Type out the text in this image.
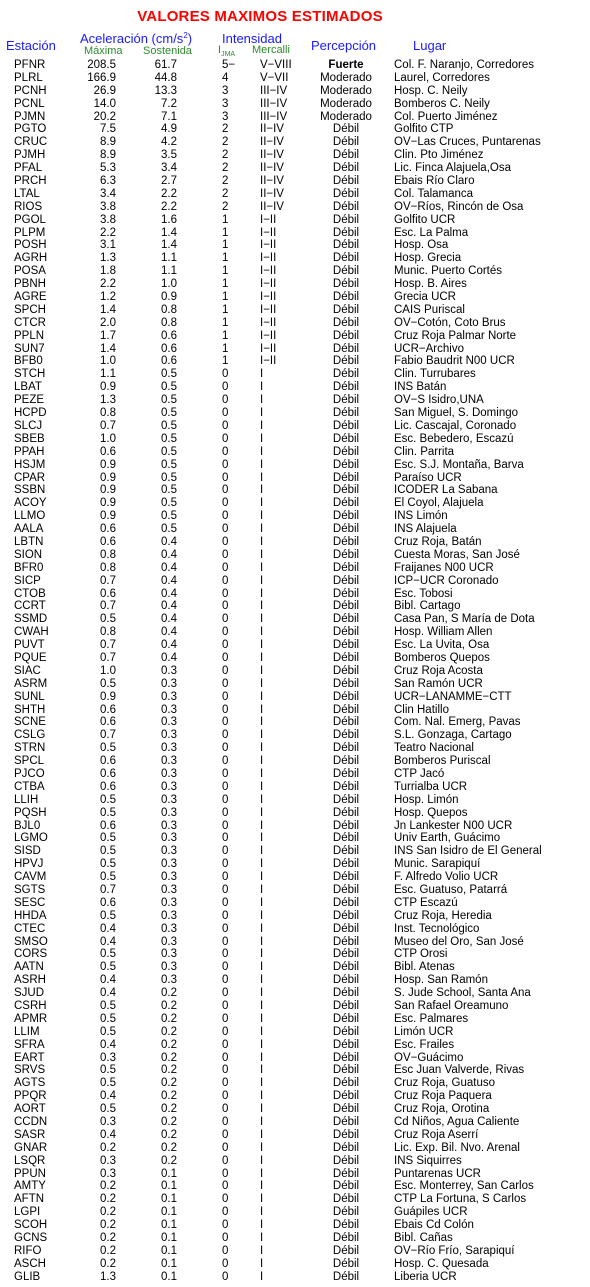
VALORES MAXIMOS ESTIMADOS
Estación Aceleración $(cm/s^2)$
Máxima Sostenida
Intensidad
$I_{JMA}$ Mercalli Percepción	Lugar
PFNR	208.5	61.7	5− V−VIII	Fuerte	Col. F. Naranjo, Corredores
PLRL	166.9	44.8	4	V−VII	Moderado	Laurel, Corredores
PCNH	26.9	13.3	3	III−IV	Moderado	Hosp. C. Neily
PCNL	14.0	7.2	3	III−IV	Moderado	Bomberos C. Neily
PJMN	20.2	7.1	3	III−IV	Moderado	Col. Puerto Jiménez
PGTO	7.5	4.9	2	II−IV	Débil	Golfito CTP
CRUC	8.9	4.2	2	II−IV	Débil	OV−Las Cruces, Puntarenas
PJMH	8.9	3.5	2	II−IV	Débil	Clin. Pto Jiménez
PFAL	5.3	3.4	2	II−IV	Débil	Lic. Finca Alajuela,Osa
PRCH	6.3	2.7	2	II−IV	Débil	Ebais Río Claro
LTAL	3.4	2.2	2	II−IV	Débil	Col. Talamanca
RIOS	3.8	2.2	2	II−IV	Débil	OV−Ríos, Rincón de Osa
PGOL	3.8	1.6	1	I−II	Débil	Golfito UCR
PLPM	2.2	1.4	1	I−II	Débil	Esc. La Palma
POSH	3.1	1.4	1	I−II	Débil	Hosp. Osa
AGRH	1.3	1.1	1	I−II	Débil	Hosp. Grecia
POSA	1.8	1.1	1	I−II	Débil	Munic. Puerto Cortés
PBNH	2.2	1.0	1	I−II	Débil	Hosp. B. Aires
AGRE	1.2	0.9	1	I−II	Débil	Grecia UCR
SPCH	1.4	0.8	1	I−II	Débil	CAIS Puriscal
CTCR	2.0	0.8	1	I−II	Débil	OV−Cotón, Coto Brus
PPLN	1.7	0.6	1	I−II	Débil	Cruz Roja Palmar Norte
SUN7	1.4	0.6	1	I−II	Débil	UCR−Archivo
BFB0	1.0	0.6	1	I−II	Débil	Fabio Baudrit N00 UCR
STCH	1.1	0.5	0	I	Débil	Clin. Turrubares
LBAT	0.9	0.5	0	I	Débil	INS Batán
PEZE	1.3	0.5	0	I	Débil	OV−S Isidro,UNA
HCPD	0.8	0.5	0	I	Débil	San Miguel, S. Domingo
SLCJ	0.7	0.5	0	I	Débil	Lic. Cascajal, Coronado
SBEB	1.0	0.5	0	I	Débil	Esc. Bebedero, Escazú
PPAH	0.6	0.5	0	I	Débil	Clin. Parrita
HSJM	0.9	0.5	0	I	Débil	Esc. S.J. Montaña, Barva
CPAR	0.9	0.5	0	I	Débil	Paraíso UCR
SSBN	0.9	0.5	0	I	Débil	ICODER La Sabana
ACOY	0.9	0.5	0	I	Débil	El Coyol, Alajuela
LLMO	0.9	0.5	0	I	Débil	INS Limón
AALA	0.6	0.5	0	I	Débil	INS Alajuela
LBTN	0.6	0.4	0	I	Débil	Cruz Roja, Batán
SION	0.8	0.4	0	I	Débil	Cuesta Moras, San José
BFR0	0.8	0.4	0	I	Débil	Fraijanes N00 UCR
SICP	0.7	0.4	0	I	Débil	ICP−UCR Coronado
CTOB	0.6	0.4	0	I	Débil	Esc. Tobosi
CCRT	0.7	0.4	0	I	Débil	Bibl. Cartago
SSMD	0.5	0.4	0	I	Débil	Casa Pan, S María de Dota
CWAH	0.8	0.4	0	I	Débil	Hosp. William Allen
PUVT	0.7	0.4	0	I	Débil	Esc. La Uvita, Osa
PQUE	0.7	0.4	0	I	Débil	Bomberos Quepos
SIAC	1.0	0.3	0	I	Débil	Cruz Roja Acosta
ASRM	0.5	0.3	0	I	Débil	San Ramón UCR
SUNL	0.9	0.3	0	I	Débil	UCR−LANAMME−CTT
SHTH	0.6	0.3	0	I	Débil	Clin Hatillo
SCNE	0.6	0.3	0	I	Débil	Com. Nal. Emerg, Pavas
CSLG	0.7	0.3	0	I	Débil	S.L. Gonzaga, Cartago
STRN	0.5	0.3	0	I	Débil	Teatro Nacional
SPCL	0.6	0.3	0	I	Débil	Bomberos Puriscal
PJCO	0.6	0.3	0	I	Débil	CTP Jacó
CTBA	0.6	0.3	0	I	Débil	Turrialba UCR
LLIH	0.5	0.3	0	I	Débil	Hosp. Limón
PQSH	0.5	0.3	0	I	Débil	Hosp. Quepos
BJL0	0.6	0.3	0	I	Débil	Jn Lankester N00 UCR
LGMO	0.5	0.3	0	I	Débil	Univ Earth, Guácimo
SISD	0.5	0.3	0	I	Débil	INS San Isidro de El General
HPVJ	0.5	0.3	0	I	Débil	Munic. Sarapiquí
CAVM	0.5	0.3	0	I	Débil	F. Alfredo Volio UCR
SGTS	0.7	0.3	0	I	Débil	Esc. Guatuso, Patarrá
SESC	0.6	0.3	0	I	Débil	CTP Escazú
HHDA	0.5	0.3	0	I	Débil	Cruz Roja, Heredia
CTEC	0.4	0.3	0	I	Débil	Inst. Tecnológico
SMSO	0.4	0.3	0	I	Débil	Museo del Oro, San José
CORS	0.5	0.3	0	I	Débil	CTP Orosi
AATN	0.5	0.3	0	I	Débil	Bibl. Atenas
ASRH	0.4	0.3	0	I	Débil	Hosp. San Ramón
SJUD	0.4	0.2	0	I	Débil	S. Jude School, Santa Ana
CSRH	0.5	0.2	0	I	Débil	San Rafael Oreamuno
APMR	0.5	0.2	0	I	Débil	Esc. Palmares
LLIM	0.5	0.2	0	I	Débil	Limón UCR
SFRA	0.4	0.2	0	I	Débil	Esc. Frailes
EART	0.3	0.2	0	I	Débil	OV−Guácimo
SRVS	0.5	0.2	0	I	Débil	Esc Juan Valverde, Rivas
AGTS	0.5	0.2	0	I	Débil	Cruz Roja, Guatuso
PPQR	0.4	0.2	0	I	Débil	Cruz Roja Paquera
AORT	0.5	0.2	0	I	Débil	Cruz Roja, Orotina
CCDN	0.3	0.2	0	I	Débil	Cd Niños, Agua Caliente
SASR	0.4	0.2	0	I	Débil	Cruz Roja Aserrí
GNAR	0.2	0.2	0	I	Débil	Lic. Exp. Bil. Nvo. Arenal
LSQR	0.3	0.2	0	I	Débil	INS Siquirres
PPUN	0.3	0.1	0	I	Débil	Puntarenas UCR
AMTY	0.2	0.1	0	I	Débil	Esc. Monterrey, San Carlos
AFTN	0.2	0.1	0	I	Débil	CTP La Fortuna, S Carlos
LGPI	0.2	0.1	0	I	Débil	Guápiles UCR
SCOH	0.2	0.1	0	I	Débil	Ebais Cd Colón
GCNS	0.2	0.1	0	I	Débil	Bibl. Cañas
RIFO	0.2	0.1	0	I	Débil	OV−Río Frío, Sarapiquí
ASCH	0.2	0.1	0	I	Débil	Hosp. C. Quesada
GLIB	1.3	0.1	0	I	Débil	Liberia UCR
